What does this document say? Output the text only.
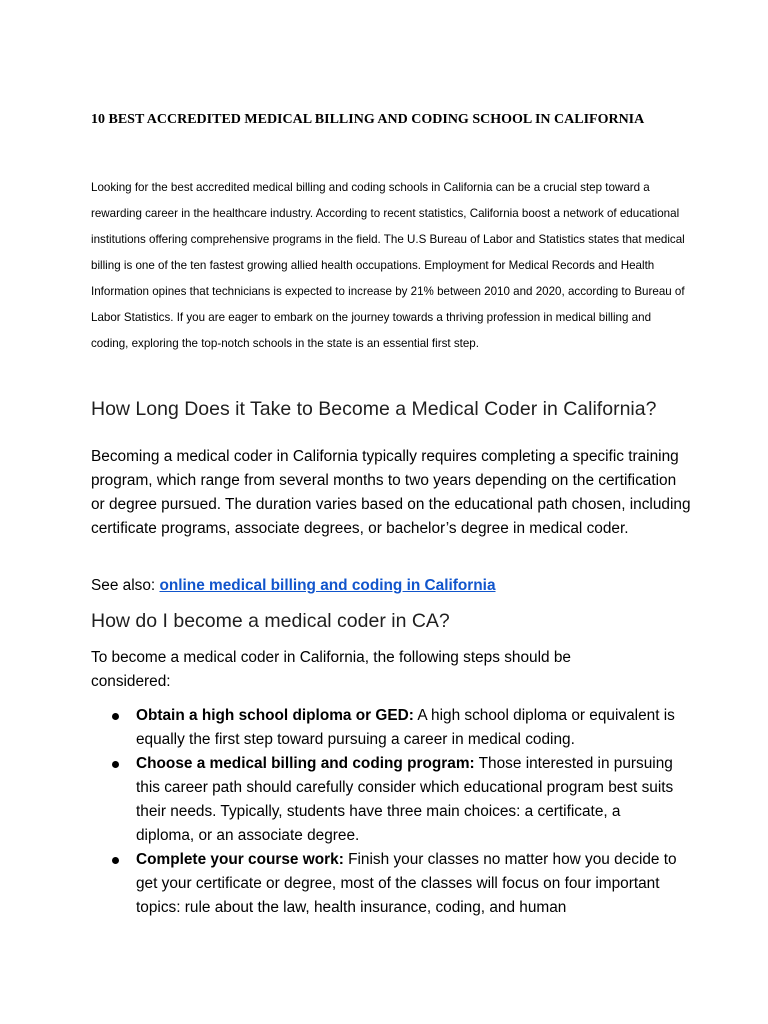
10 BEST ACCREDITED MEDICAL BILLING AND CODING SCHOOL IN CALIFORNIA

Looking for the best accredited medical billing and coding schools in California can be a crucial step toward a rewarding career in the healthcare industry. According to recent statistics, California boost a network of educational institutions offering comprehensive programs in the field. The U.S Bureau of Labor and Statistics states that medical billing is one of the ten fastest growing allied health occupations. Employment for Medical Records and Health Information opines that technicians is expected to increase by 21% between 2010 and 2020, according to Bureau of Labor Statistics. If you are eager to embark on the journey towards a thriving profession in medical billing and coding, exploring the top-notch schools in the state is an essential first step.

How Long Does it Take to Become a Medical Coder in California?

Becoming a medical coder in California typically requires completing a specific training program, which range from several months to two years depending on the certification or degree pursued. The duration varies based on the educational path chosen, including certificate programs, associate degrees, or bachelor’s degree in medical coder.

See also: online medical billing and coding in California

How do I become a medical coder in CA?

To become a medical coder in California, the following steps should be considered:

Obtain a high school diploma or GED: A high school diploma or equivalent is equally the first step toward pursuing a career in medical coding.
Choose a medical billing and coding program: Those interested in pursuing this career path should carefully consider which educational program best suits their needs. Typically, students have three main choices: a certificate, a diploma, or an associate degree.
Complete your course work: Finish your classes no matter how you decide to get your certificate or degree, most of the classes will focus on four important topics: rule about the law, health insurance, coding, and human
